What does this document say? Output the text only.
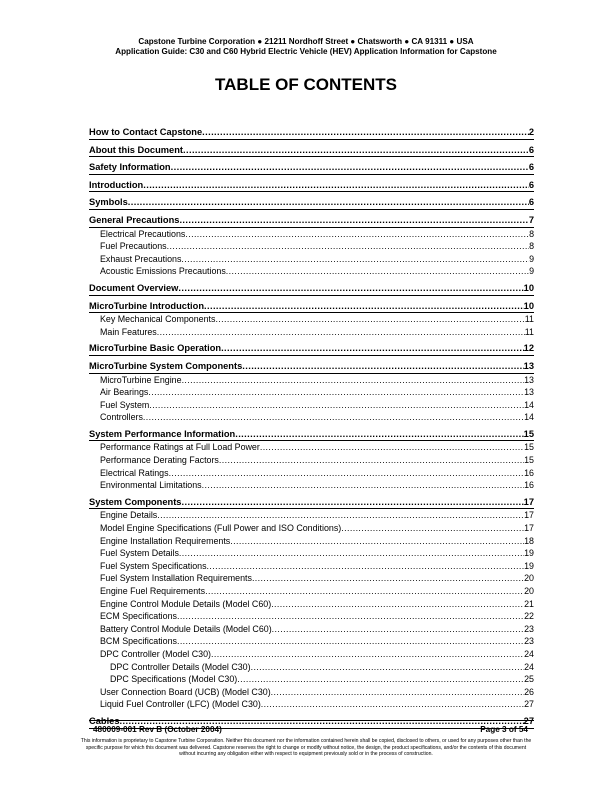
Capstone Turbine Corporation ● 21211 Nordhoff Street ● Chatsworth ● CA 91311 ● USA
Application Guide: C30 and C60 Hybrid Electric Vehicle (HEV) Application Information for Capstone
TABLE OF CONTENTS
How to Contact Capstone .....	2
About this Document .....	6
Safety Information .....	6
Introduction .....	6
Symbols .....	6
General Precautions .....	7
Electrical Precautions .....	8
Fuel Precautions .....	8
Exhaust Precautions .....	9
Acoustic Emissions Precautions .....	9
Document Overview .....	10
MicroTurbine Introduction .....	10
Key Mechanical Components .....	11
Main Features .....	11
MicroTurbine Basic Operation .....	12
MicroTurbine System Components .....	13
MicroTurbine Engine .....	13
Air Bearings .....	13
Fuel System .....	14
Controllers .....	14
System Performance Information .....	15
Performance Ratings at Full Load Power .....	15
Performance Derating Factors .....	15
Electrical Ratings .....	16
Environmental Limitations .....	16
System Components .....	17
Engine Details .....	17
Model Engine Specifications (Full Power and ISO Conditions) .....	17
Engine Installation Requirements .....	18
Fuel System Details .....	19
Fuel System Specifications .....	19
Fuel System Installation Requirements .....	20
Engine Fuel Requirements .....	20
Engine Control Module Details (Model C60) .....	21
ECM Specifications .....	22
Battery Control Module Details (Model C60) .....	23
BCM Specifications .....	23
DPC Controller (Model C30) .....	24
DPC Controller Details (Model C30) .....	24
DPC Specifications (Model C30) .....	25
User Connection Board (UCB) (Model C30) .....	26
Liquid Fuel Controller (LFC) (Model C30) .....	27
Cables .....	27
480009-001 Rev B (October 2004)	Page 3 of 54
This information is proprietary to Capstone Turbine Corporation. Neither this document nor the information contained herein shall be copied, disclosed to others, or used for any purposes other than the specific purpose for which this document was delivered. Capstone reserves the right to change or modify without notice, the design, the product specifications, and/or the contents of this document without incurring any obligation either with respect to equipment previously sold or in the process of construction.
